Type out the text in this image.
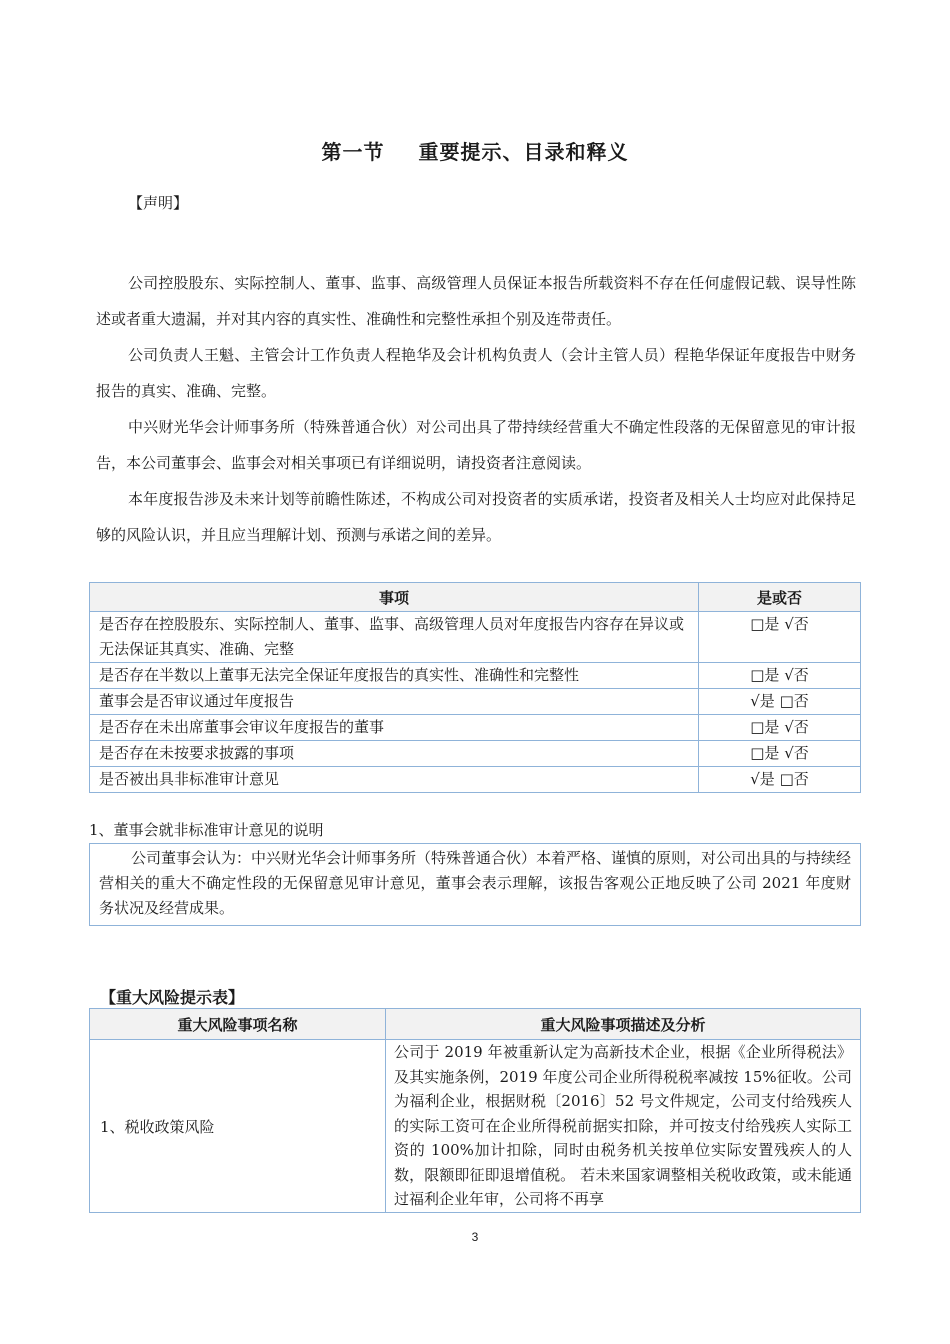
第一节 重要提示、目录和释义
【声明】

公司控股股东、实际控制人、董事、监事、高级管理人员保证本报告所载资料不存在任何虚假记载、误导性陈述或者重大遗漏，并对其内容的真实性、准确性和完整性承担个别及连带责任。

公司负责人王魁、主管会计工作负责人程艳华及会计机构负责人（会计主管人员）程艳华保证年度报告中财务报告的真实、准确、完整。

中兴财光华会计师事务所（特殊普通合伙）对公司出具了带持续经营重大不确定性段落的无保留意见的审计报告，本公司董事会、监事会对相关事项已有详细说明，请投资者注意阅读。

本年度报告涉及未来计划等前瞻性陈述，不构成公司对投资者的实质承诺，投资者及相关人士均应对此保持足够的风险认识，并且应当理解计划、预测与承诺之间的差异。

事项	是或否
是否存在控股股东、实际控制人、董事、监事、高级管理人员对年度报告内容存在异议或无法保证其真实、准确、完整	□是 √否
是否存在半数以上董事无法完全保证年度报告的真实性、准确性和完整性	□是 √否
董事会是否审议通过年度报告	√是 □否
是否存在未出席董事会审议年度报告的董事	□是 √否
是否存在未按要求披露的事项	□是 √否
是否被出具非标准审计意见	√是 □否
1、董事会就非标准审计意见的说明
公司董事会认为：中兴财光华会计师事务所（特殊普通合伙）本着严格、谨慎的原则，对公司出具的与持续经营相关的重大不确定性段的无保留意见审计意见，董事会表示理解，该报告客观公正地反映了公司 2021 年度财务状况及经营成果。
【重大风险提示表】
重大风险事项名称	重大风险事项描述及分析
1、税收政策风险	公司于 2019 年被重新认定为高新技术企业，根据《企业所得税法》及其实施条例，2019 年度公司企业所得税税率减按 15%征收。公司为福利企业，根据财税〔2016〕52 号文件规定，公司支付给残疾人的实际工资可在企业所得税前据实扣除，并可按支付给残疾人实际工资的 100%加计扣除，同时由税务机关按单位实际安置残疾人的人数，限额即征即退增值税。 若未来国家调整相关税收政策，或未能通过福利企业年审，公司将不再享
3
